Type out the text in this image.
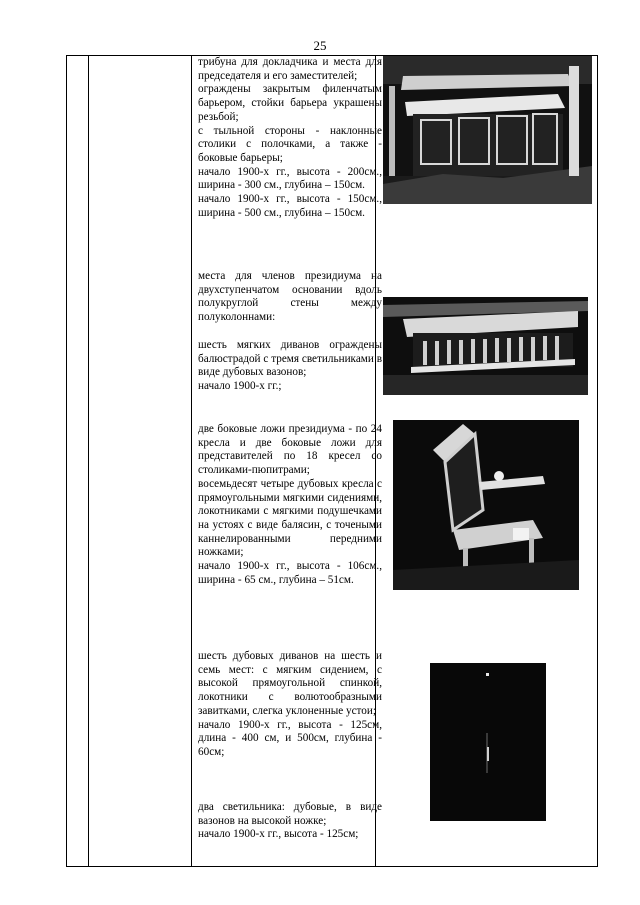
25

трибуна для докладчика и места для председателя и его заместителей;

ограждены закрытым филенчатым барьером, стойки барьера украшены резьбой;

с тыльной стороны - наклонные столики с полочками, а также - боковые барьеры;

начало 1900-х гг., высота - 200см., ширина - 300 см., глубина – 150см.

начало 1900-х гг., высота - 150см., ширина - 500 см., глубина – 150см.

места для членов президиума на двухступенчатом основании вдоль полукруглой стены между полуколоннами:

шесть мягких диванов ограждены балюстрадой с тремя светильниками в виде дубовых вазонов;

начало 1900-х гг.;

две боковые ложи президиума - по 24 кресла и две боковые ложи для представителей по 18 кресел со столиками-пюпитрами;

восемьдесят четыре дубовых кресла с прямоугольными мягкими сидениями, локотниками с мягкими подушечками на устоях с виде балясин, с точеными каннелированными передними ножками;

начало 1900-х гг., высота - 106см., ширина - 65 см., глубина – 51см.

шесть дубовых диванов на шесть и семь мест: с мягким сидением, с высокой прямоугольной спинкой, локотники с волютообразными завитками, слегка уклоненные устои;

начало 1900-х гг., высота - 125см, длина - 400 см, и 500см, глубина - 60см;

два светильника: дубовые, в виде вазонов на высокой ножке;

начало 1900-х гг., высота - 125см;
